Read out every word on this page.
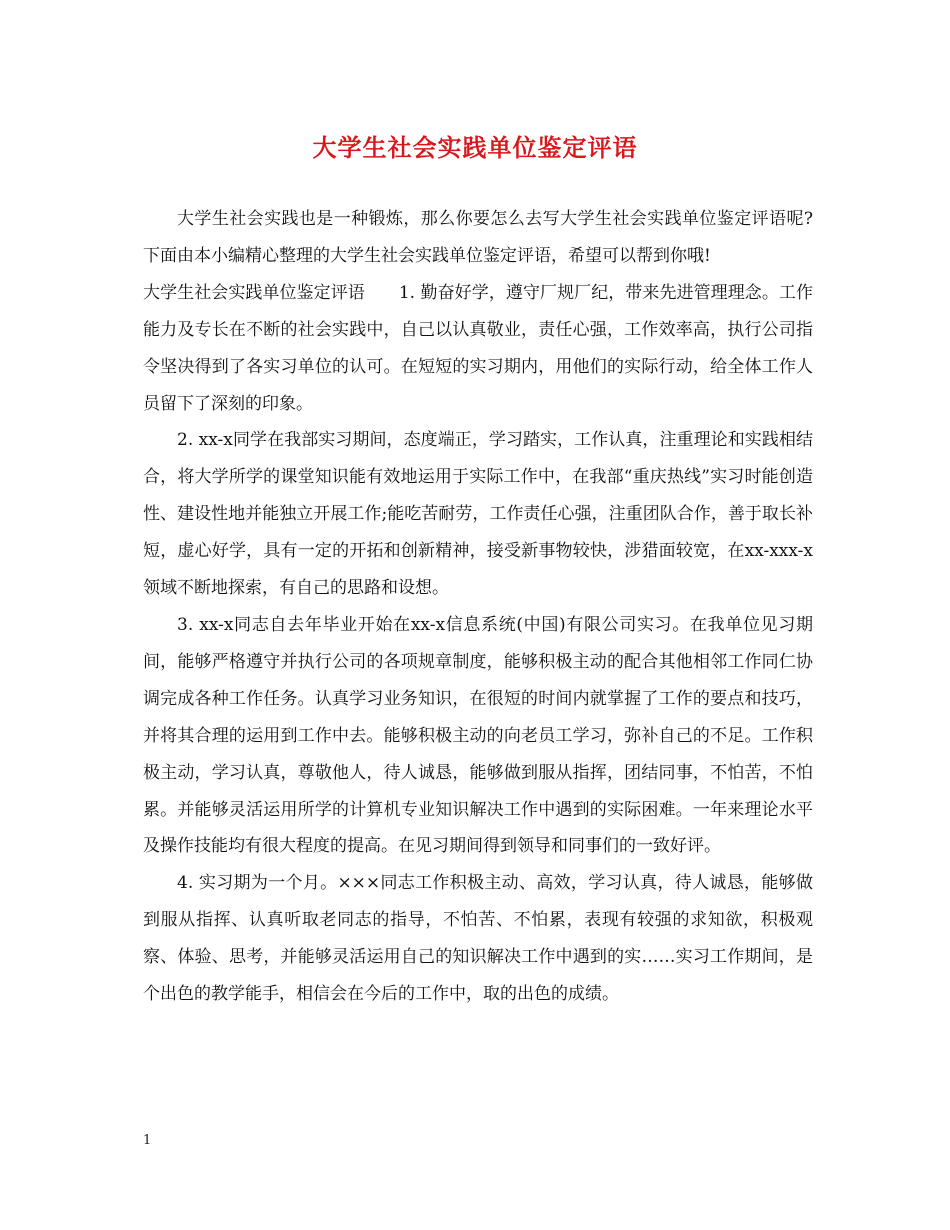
大学生社会实践单位鉴定评语

大学生社会实践也是一种锻炼，那么你要怎么去写大学生社会实践单位鉴定评语呢?下面由本小编精心整理的大学生社会实践单位鉴定评语，希望可以帮到你哦!

大学生社会实践单位鉴定评语 1. 勤奋好学，遵守厂规厂纪，带来先进管理理念。工作能力及专长在不断的社会实践中，自己以认真敬业，责任心强，工作效率高，执行公司指令坚决得到了各实习单位的认可。在短短的实习期内，用他们的实际行动，给全体工作人员留下了深刻的印象。

2. xx-x同学在我部实习期间，态度端正，学习踏实，工作认真，注重理论和实践相结合，将大学所学的课堂知识能有效地运用于实际工作中，在我部“重庆热线”实习时能创造性、建设性地并能独立开展工作;能吃苦耐劳，工作责任心强，注重团队合作，善于取长补短，虚心好学，具有一定的开拓和创新精神，接受新事物较快，涉猎面较宽，在xx-xxx-x领域不断地探索，有自己的思路和设想。

3. xx-x同志自去年毕业开始在xx-x信息系统(中国)有限公司实习。在我单位见习期间，能够严格遵守并执行公司的各项规章制度，能够积极主动的配合其他相邻工作同仁协调完成各种工作任务。认真学习业务知识，在很短的时间内就掌握了工作的要点和技巧，并将其合理的运用到工作中去。能够积极主动的向老员工学习，弥补自己的不足。工作积极主动，学习认真，尊敬他人，待人诚恳，能够做到服从指挥，团结同事，不怕苦，不怕累。并能够灵活运用所学的计算机专业知识解决工作中遇到的实际困难。一年来理论水平及操作技能均有很大程度的提高。在见习期间得到领导和同事们的一致好评。

4. 实习期为一个月。×××同志工作积极主动、高效，学习认真，待人诚恳，能够做到服从指挥、认真听取老同志的指导，不怕苦、不怕累，表现有较强的求知欲，积极观察、体验、思考，并能够灵活运用自己的知识解决工作中遇到的实……实习工作期间，是个出色的教学能手，相信会在今后的工作中，取的出色的成绩。

1
